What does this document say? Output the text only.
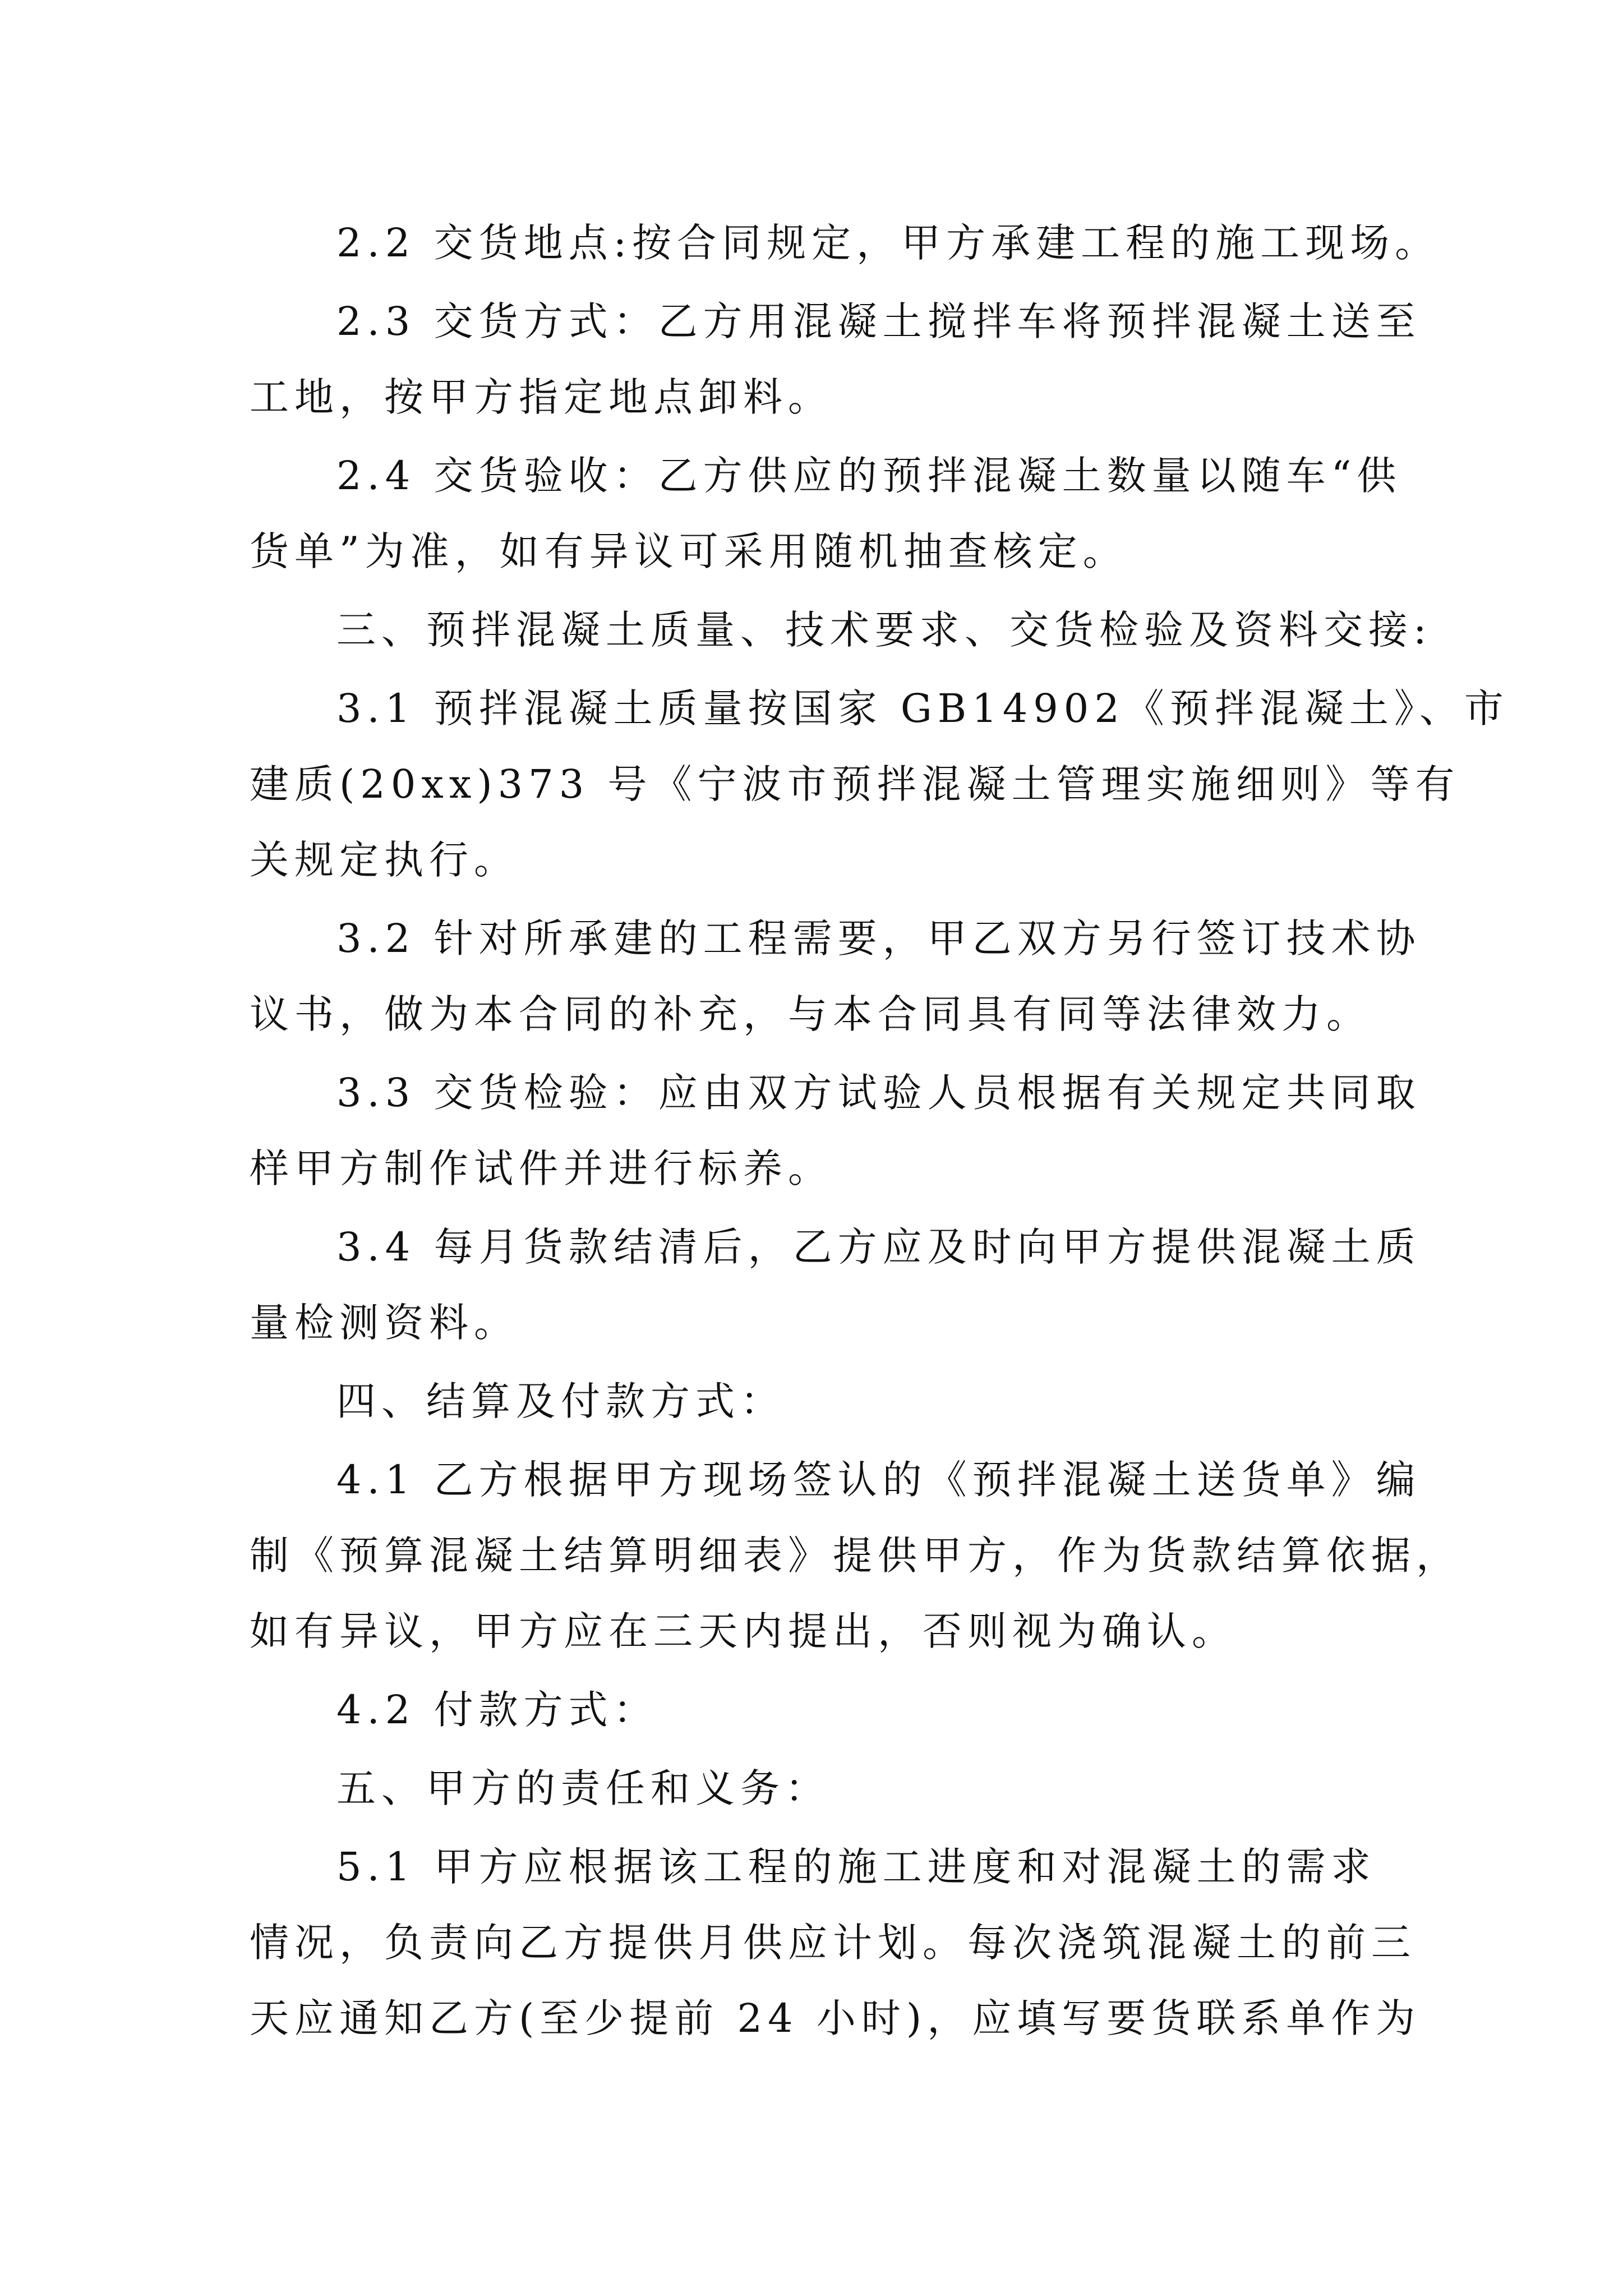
2.2 交货地点:按合同规定，甲方承建工程的施工现场。
2.3 交货方式：乙方用混凝土搅拌车将预拌混凝土送至
工地，按甲方指定地点卸料。
2.4 交货验收：乙方供应的预拌混凝土数量以随车“供
货单”为准，如有异议可采用随机抽查核定。
三、预拌混凝土质量、技术要求、交货检验及资料交接:
3.1 预拌混凝土质量按国家 GB14902《预拌混凝土》、市
建质(20xx)373 号《宁波市预拌混凝土管理实施细则》等有
关规定执行。
3.2 针对所承建的工程需要，甲乙双方另行签订技术协
议书，做为本合同的补充，与本合同具有同等法律效力。
3.3 交货检验：应由双方试验人员根据有关规定共同取
样甲方制作试件并进行标养。
3.4 每月货款结清后，乙方应及时向甲方提供混凝土质
量检测资料。
四、结算及付款方式：
4.1 乙方根据甲方现场签认的《预拌混凝土送货单》编
制《预算混凝土结算明细表》提供甲方，作为货款结算依据，
如有异议，甲方应在三天内提出，否则视为确认。
4.2 付款方式：
五、甲方的责任和义务：
5.1 甲方应根据该工程的施工进度和对混凝土的需求
情况，负责向乙方提供月供应计划。每次浇筑混凝土的前三
天应通知乙方(至少提前 24 小时)，应填写要货联系单作为
